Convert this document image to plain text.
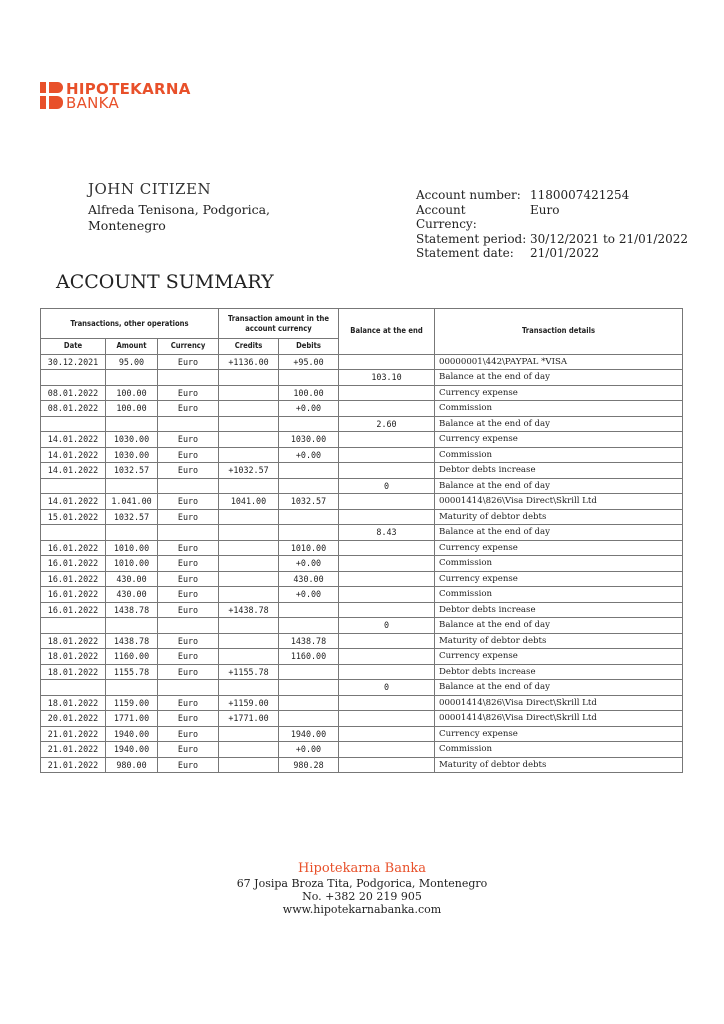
HIPOTEKARNA
BANKA
JOHN CITIZEN
Alfreda Tenisona, Podgorica,
Montenegro
Account number:	1180007421254
Account Currency:	Euro
Statement period:	30/12/2021 to 21/01/2022
Statement date:	21/01/2022
ACCOUNT SUMMARY
Transactions, other operations			Transaction amount in the account currency		Balance at the end	Transaction details
Date	Amount	Currency	Credits	Debits		
30.12.2021	95.00	Euro	+1136.00	+95.00		00000001\442\PAYPAL *VISA
					103.10	Balance at the end of day
08.01.2022	100.00	Euro		100.00		Currency expense
08.01.2022	100.00	Euro		+0.00		Commission
					2.60	Balance at the end of day
14.01.2022	1030.00	Euro		1030.00		Currency expense
14.01.2022	1030.00	Euro		+0.00		Commission
14.01.2022	1032.57	Euro	+1032.57			Debtor debts increase
					0	Balance at the end of day
14.01.2022	1.041.00	Euro	1041.00	1032.57		00001414\826\Visa Direct\Skrill Ltd
15.01.2022	1032.57	Euro				Maturity of debtor debts
					8.43	Balance at the end of day
16.01.2022	1010.00	Euro		1010.00		Currency expense
16.01.2022	1010.00	Euro		+0.00		Commission
16.01.2022	430.00	Euro		430.00		Currency expense
16.01.2022	430.00	Euro		+0.00		Commission
16.01.2022	1438.78	Euro	+1438.78			Debtor debts increase
					0	Balance at the end of day
18.01.2022	1438.78	Euro		1438.78		Maturity of debtor debts
18.01.2022	1160.00	Euro		1160.00		Currency expense
18.01.2022	1155.78	Euro	+1155.78			Debtor debts increase
					0	Balance at the end of day
18.01.2022	1159.00	Euro	+1159.00			00001414\826\Visa Direct\Skrill Ltd
20.01.2022	1771.00	Euro	+1771.00			00001414\826\Visa Direct\Skrill Ltd
21.01.2022	1940.00	Euro		1940.00		Currency expense
21.01.2022	1940.00	Euro		+0.00		Commission
21.01.2022	980.00	Euro		980.28		Maturity of debtor debts
Hipotekarna Banka
67 Josipa Broza Tita, Podgorica, Montenegro
No. +382 20 219 905
www.hipotekarnabanka.com
